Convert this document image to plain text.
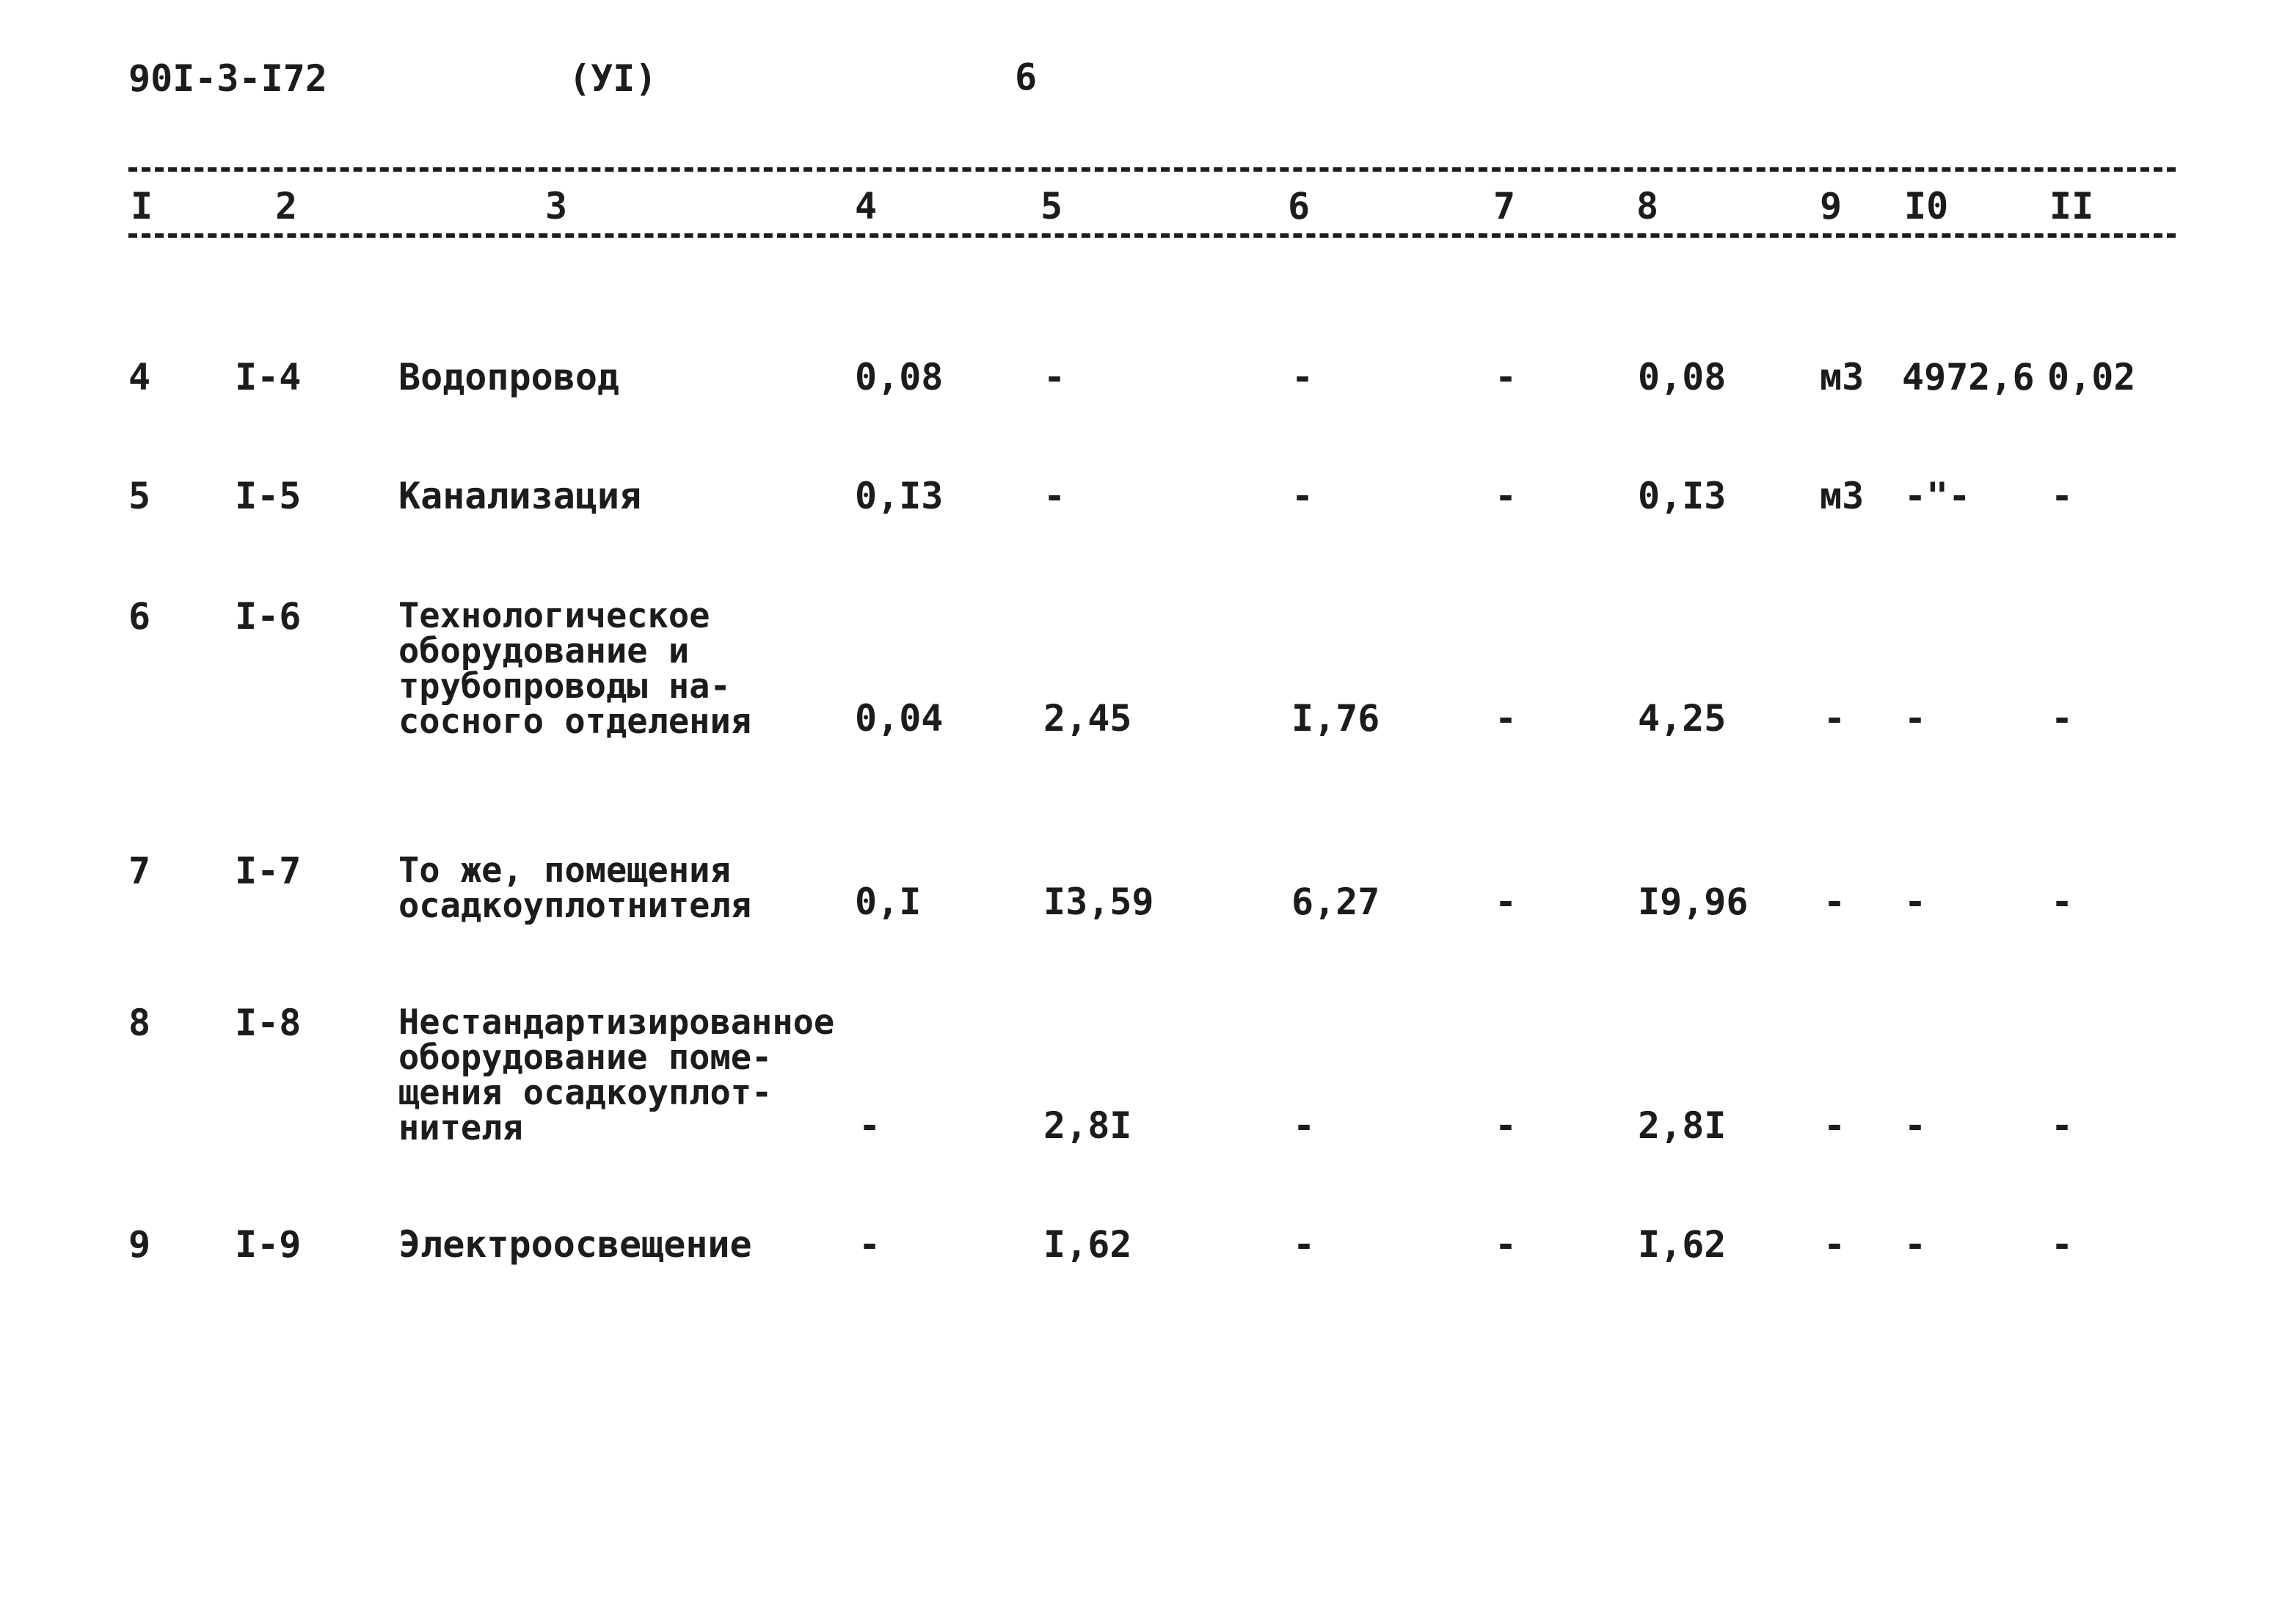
90I-3-I72	(УI)	6
I	2	3	4	5	6	7	8	9 I0	II
4 I-4	Водопровод	0,08	-	-	-	0,08	м3 4972,6 0,02
5 I-5	Канализация	0,I3	-	-	-	0,I3	м3 -"- -
6 I-6	Технологическое
оборудование и
трубопроводы на-
сосного отделения	0,04	2,45	I,76	-	4,25	- -	-
7 I-7	То же, помещения
осадкоуплотнителя	0,I	I3,59	6,27	-	I9,96 - -	-
8 I-8	Нестандартизированное
оборудование поме-
щения осадкоуплот-
нителя	-	2,8I	-	-	2,8I	- -	-
9 I-9	Электроосвещение	-	I,62	-	-	I,62	- -	-
